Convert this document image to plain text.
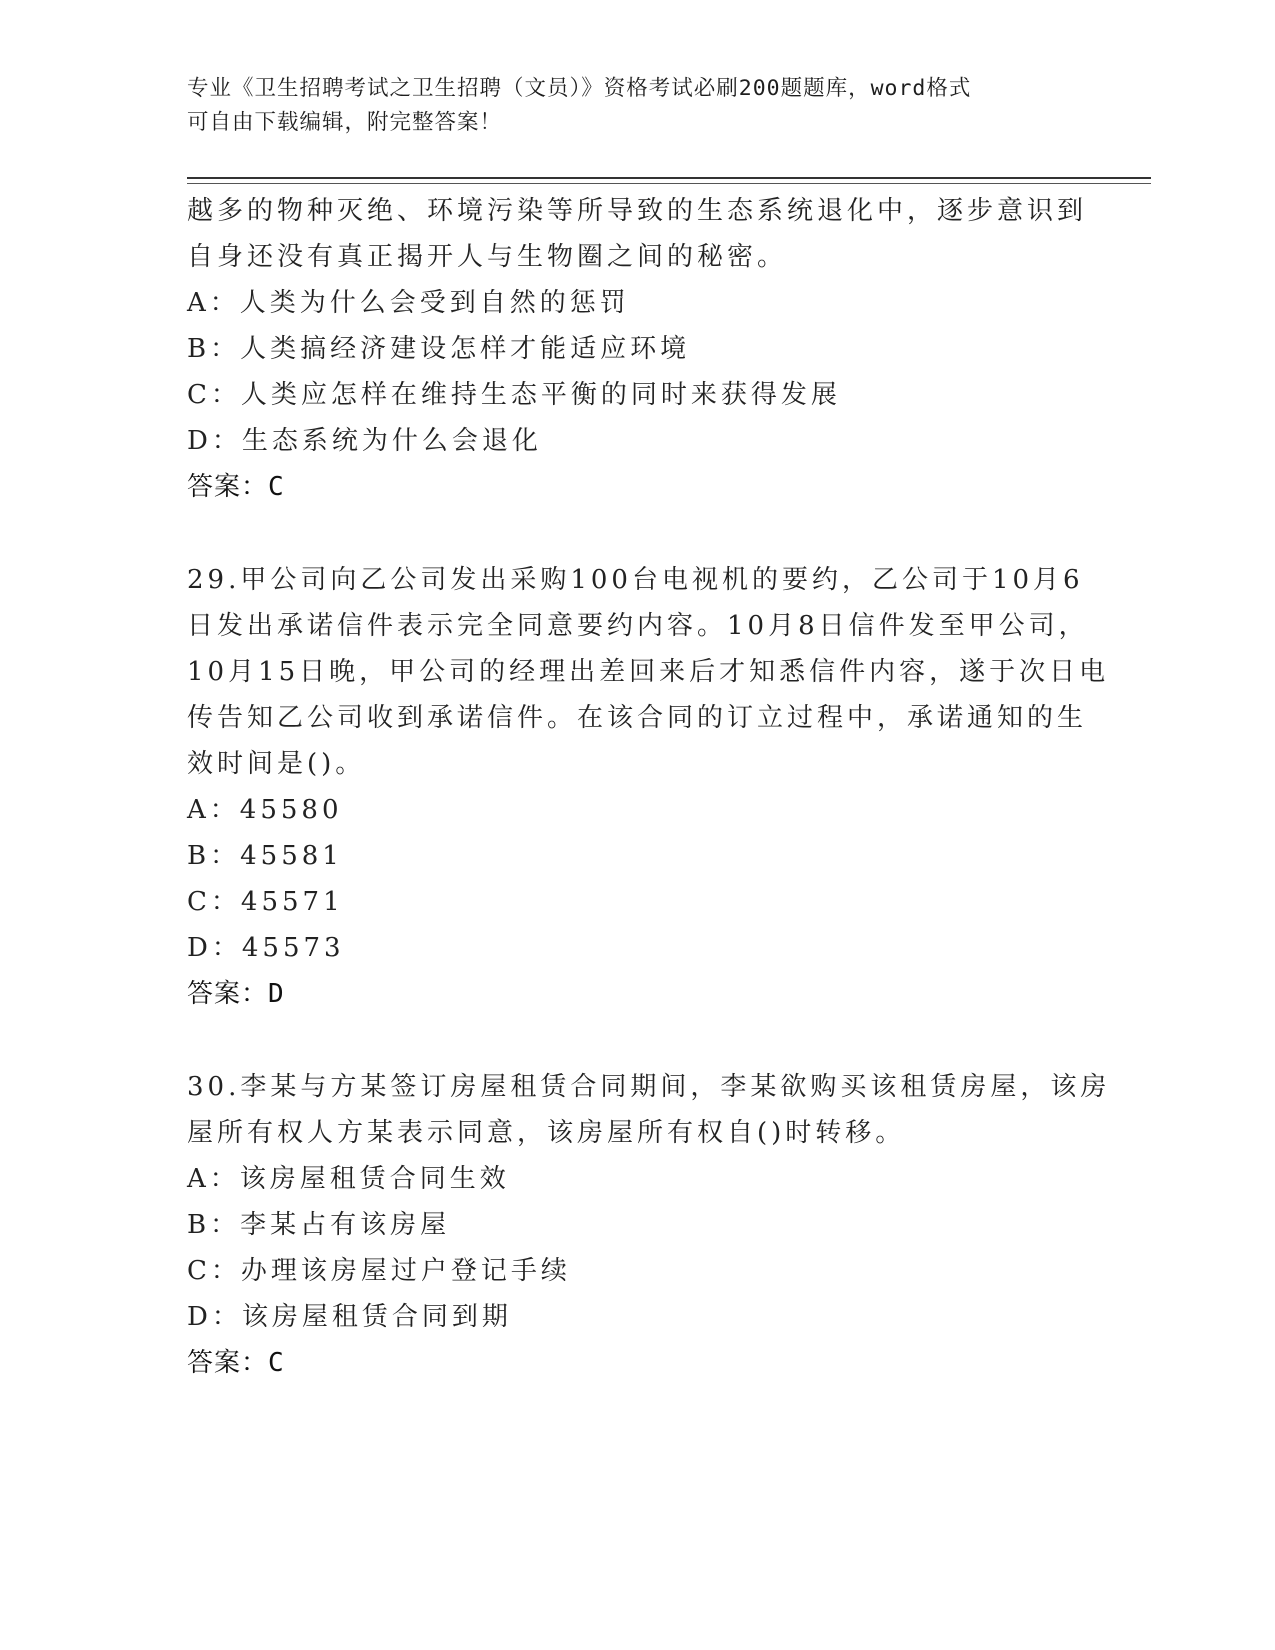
专业《卫生招聘考试之卫生招聘（文员）》资格考试必刷200题题库，word格式
可自由下载编辑，附完整答案！
越多的物种灭绝、环境污染等所导致的生态系统退化中，逐步意识到
自身还没有真正揭开人与生物圈之间的秘密。
A：人类为什么会受到自然的惩罚
B：人类搞经济建设怎样才能适应环境
C：人类应怎样在维持生态平衡的同时来获得发展
D：生态系统为什么会退化
答案：C
29.甲公司向乙公司发出采购100台电视机的要约，乙公司于10月6
日发出承诺信件表示完全同意要约内容。10月8日信件发至甲公司，
10月15日晚，甲公司的经理出差回来后才知悉信件内容，遂于次日电
传告知乙公司收到承诺信件。在该合同的订立过程中，承诺通知的生
效时间是()。
A：45580
B：45581
C：45571
D：45573
答案：D
30.李某与方某签订房屋租赁合同期间，李某欲购买该租赁房屋，该房
屋所有权人方某表示同意，该房屋所有权自()时转移。
A：该房屋租赁合同生效
B：李某占有该房屋
C：办理该房屋过户登记手续
D：该房屋租赁合同到期
答案：C
